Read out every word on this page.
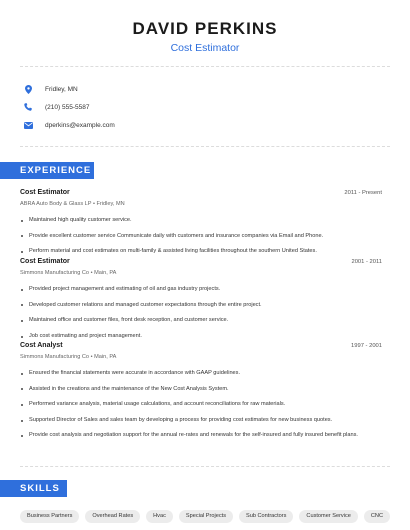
DAVID PERKINS
Cost Estimator
Fridley, MN
(210) 555-5587
dperkins@example.com
EXPERIENCE
Cost Estimator	2011 - Present
ABRA Auto Body & Glass LP • Fridley, MN
Maintained high quality customer service.
Provide excellent customer service Communicate daily with customers and insurance companies via Email and Phone.
Perform material and cost estimates on multi-family & assisted living facilities throughout the southern United States.
Cost Estimator	2001 - 2011
Simmons Manufacturing Co • Main, PA
Provided project management and estimating of oil and gas industry projects.
Developed customer relations and managed customer expectations through the entire project.
Maintained office and customer files, front desk reception, and customer service.
Job cost estimating and project management.
Cost Analyst	1997 - 2001
Simmons Manufacturing Co • Main, PA
Ensured the financial statements were accurate in accordance with GAAP guidelines.
Assisted in the creations and the maintenance of the New Cost Analysis System.
Performed variance analysis, material usage calculations, and account reconciliations for raw materials.
Supported Director of Sales and sales team by developing a process for providing cost estimates for new business quotes.
Provide cost analysis and negotiation support for the annual re-rates and renewals for the self-insured and fully insured benefit plans.
SKILLS
Business Partners	Overhead Rates	Hvac	Special Projects	Sub Contractors	Customer Service	CNC
